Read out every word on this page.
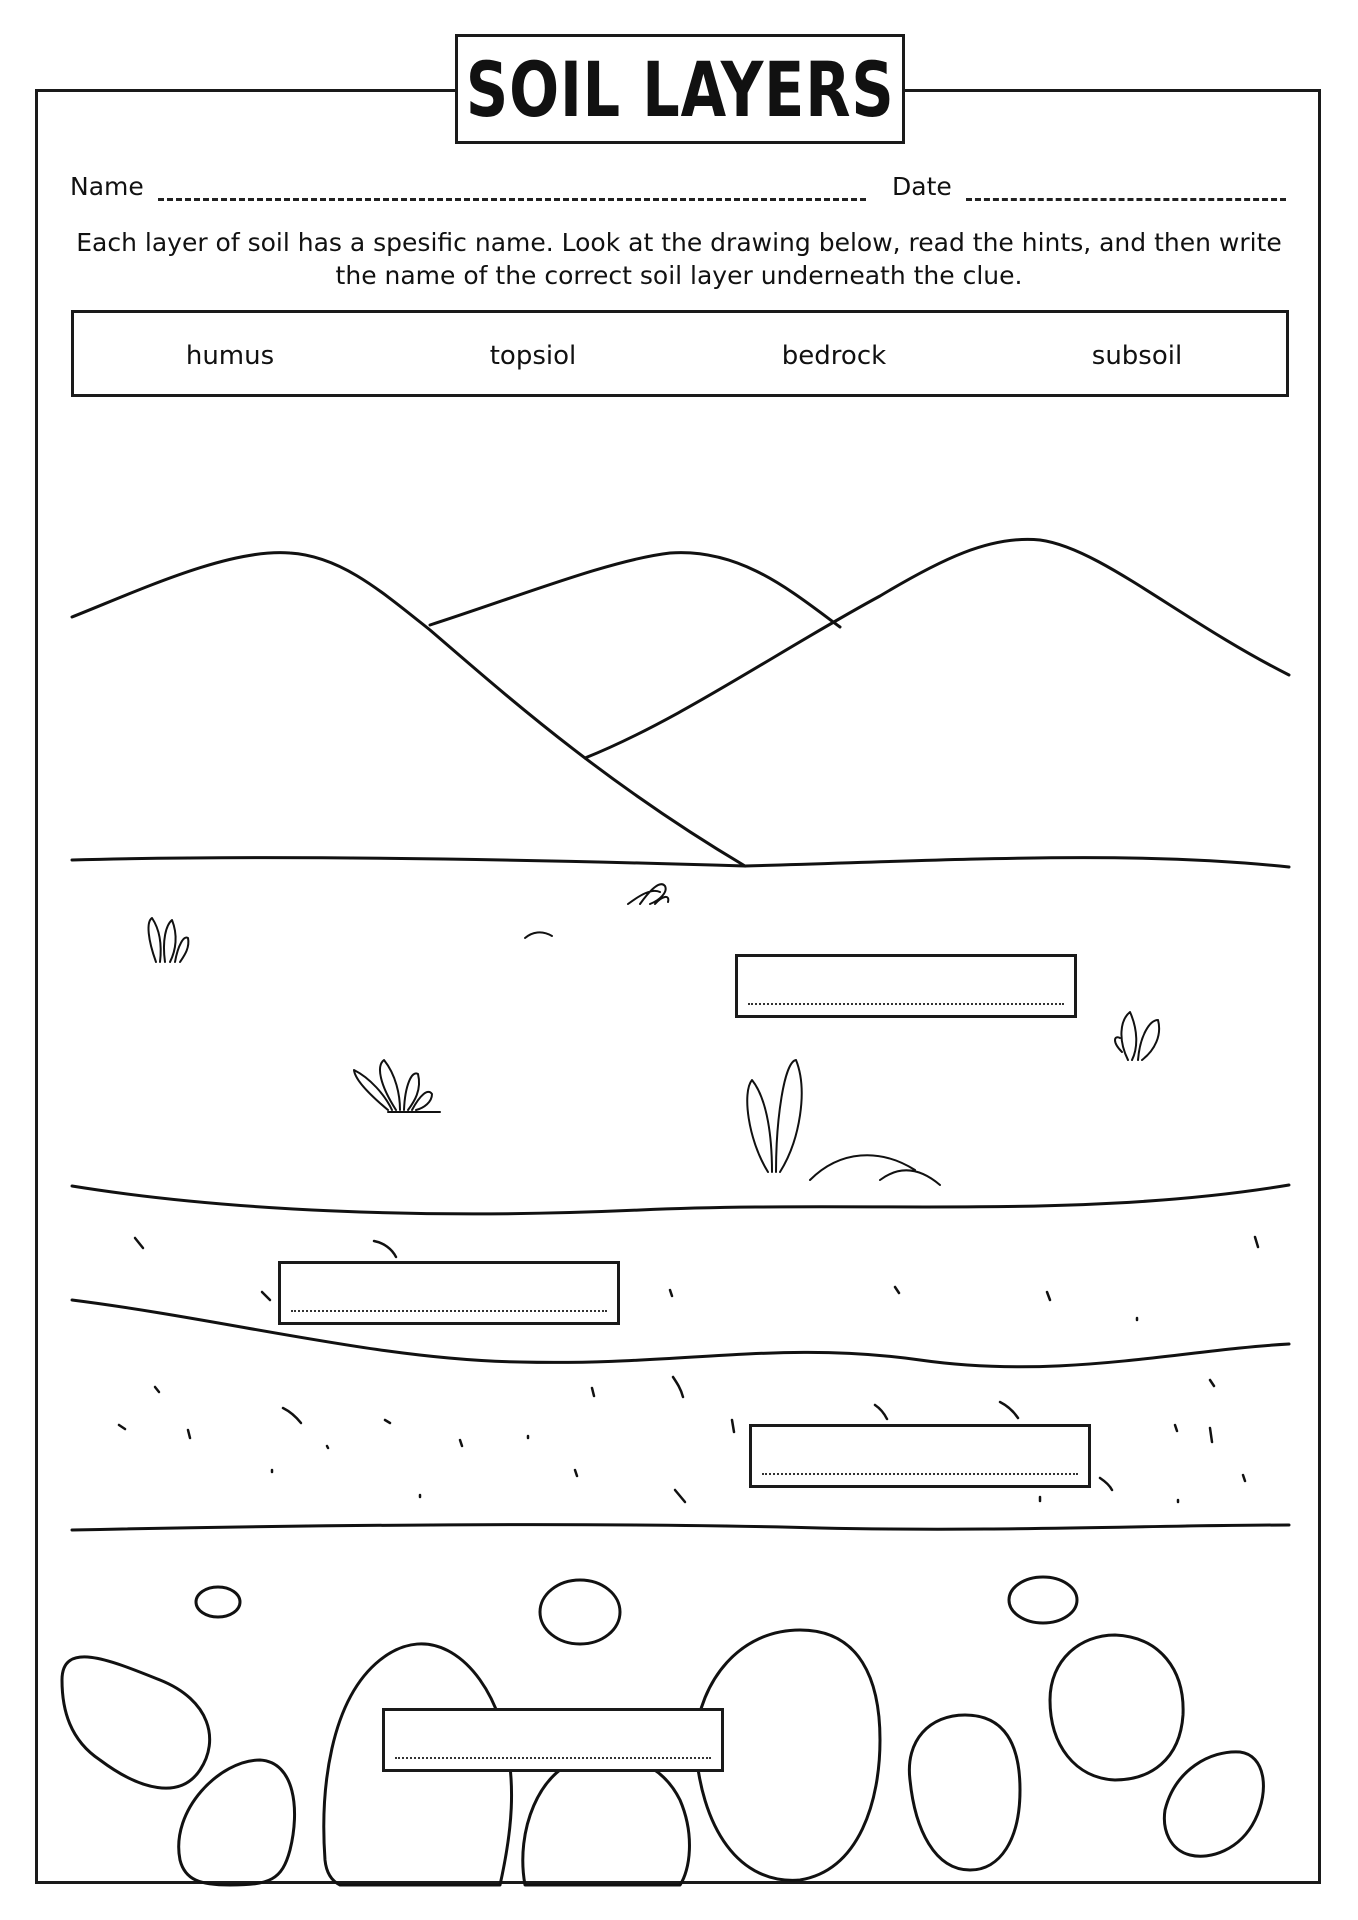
SOIL LAYERS
Name	Date
Each layer of soil has a spesific name. Look at the drawing below, read the hints, and then write the name of the correct soil layer underneath the clue.
humus	topsiol	bedrock	subsoil
